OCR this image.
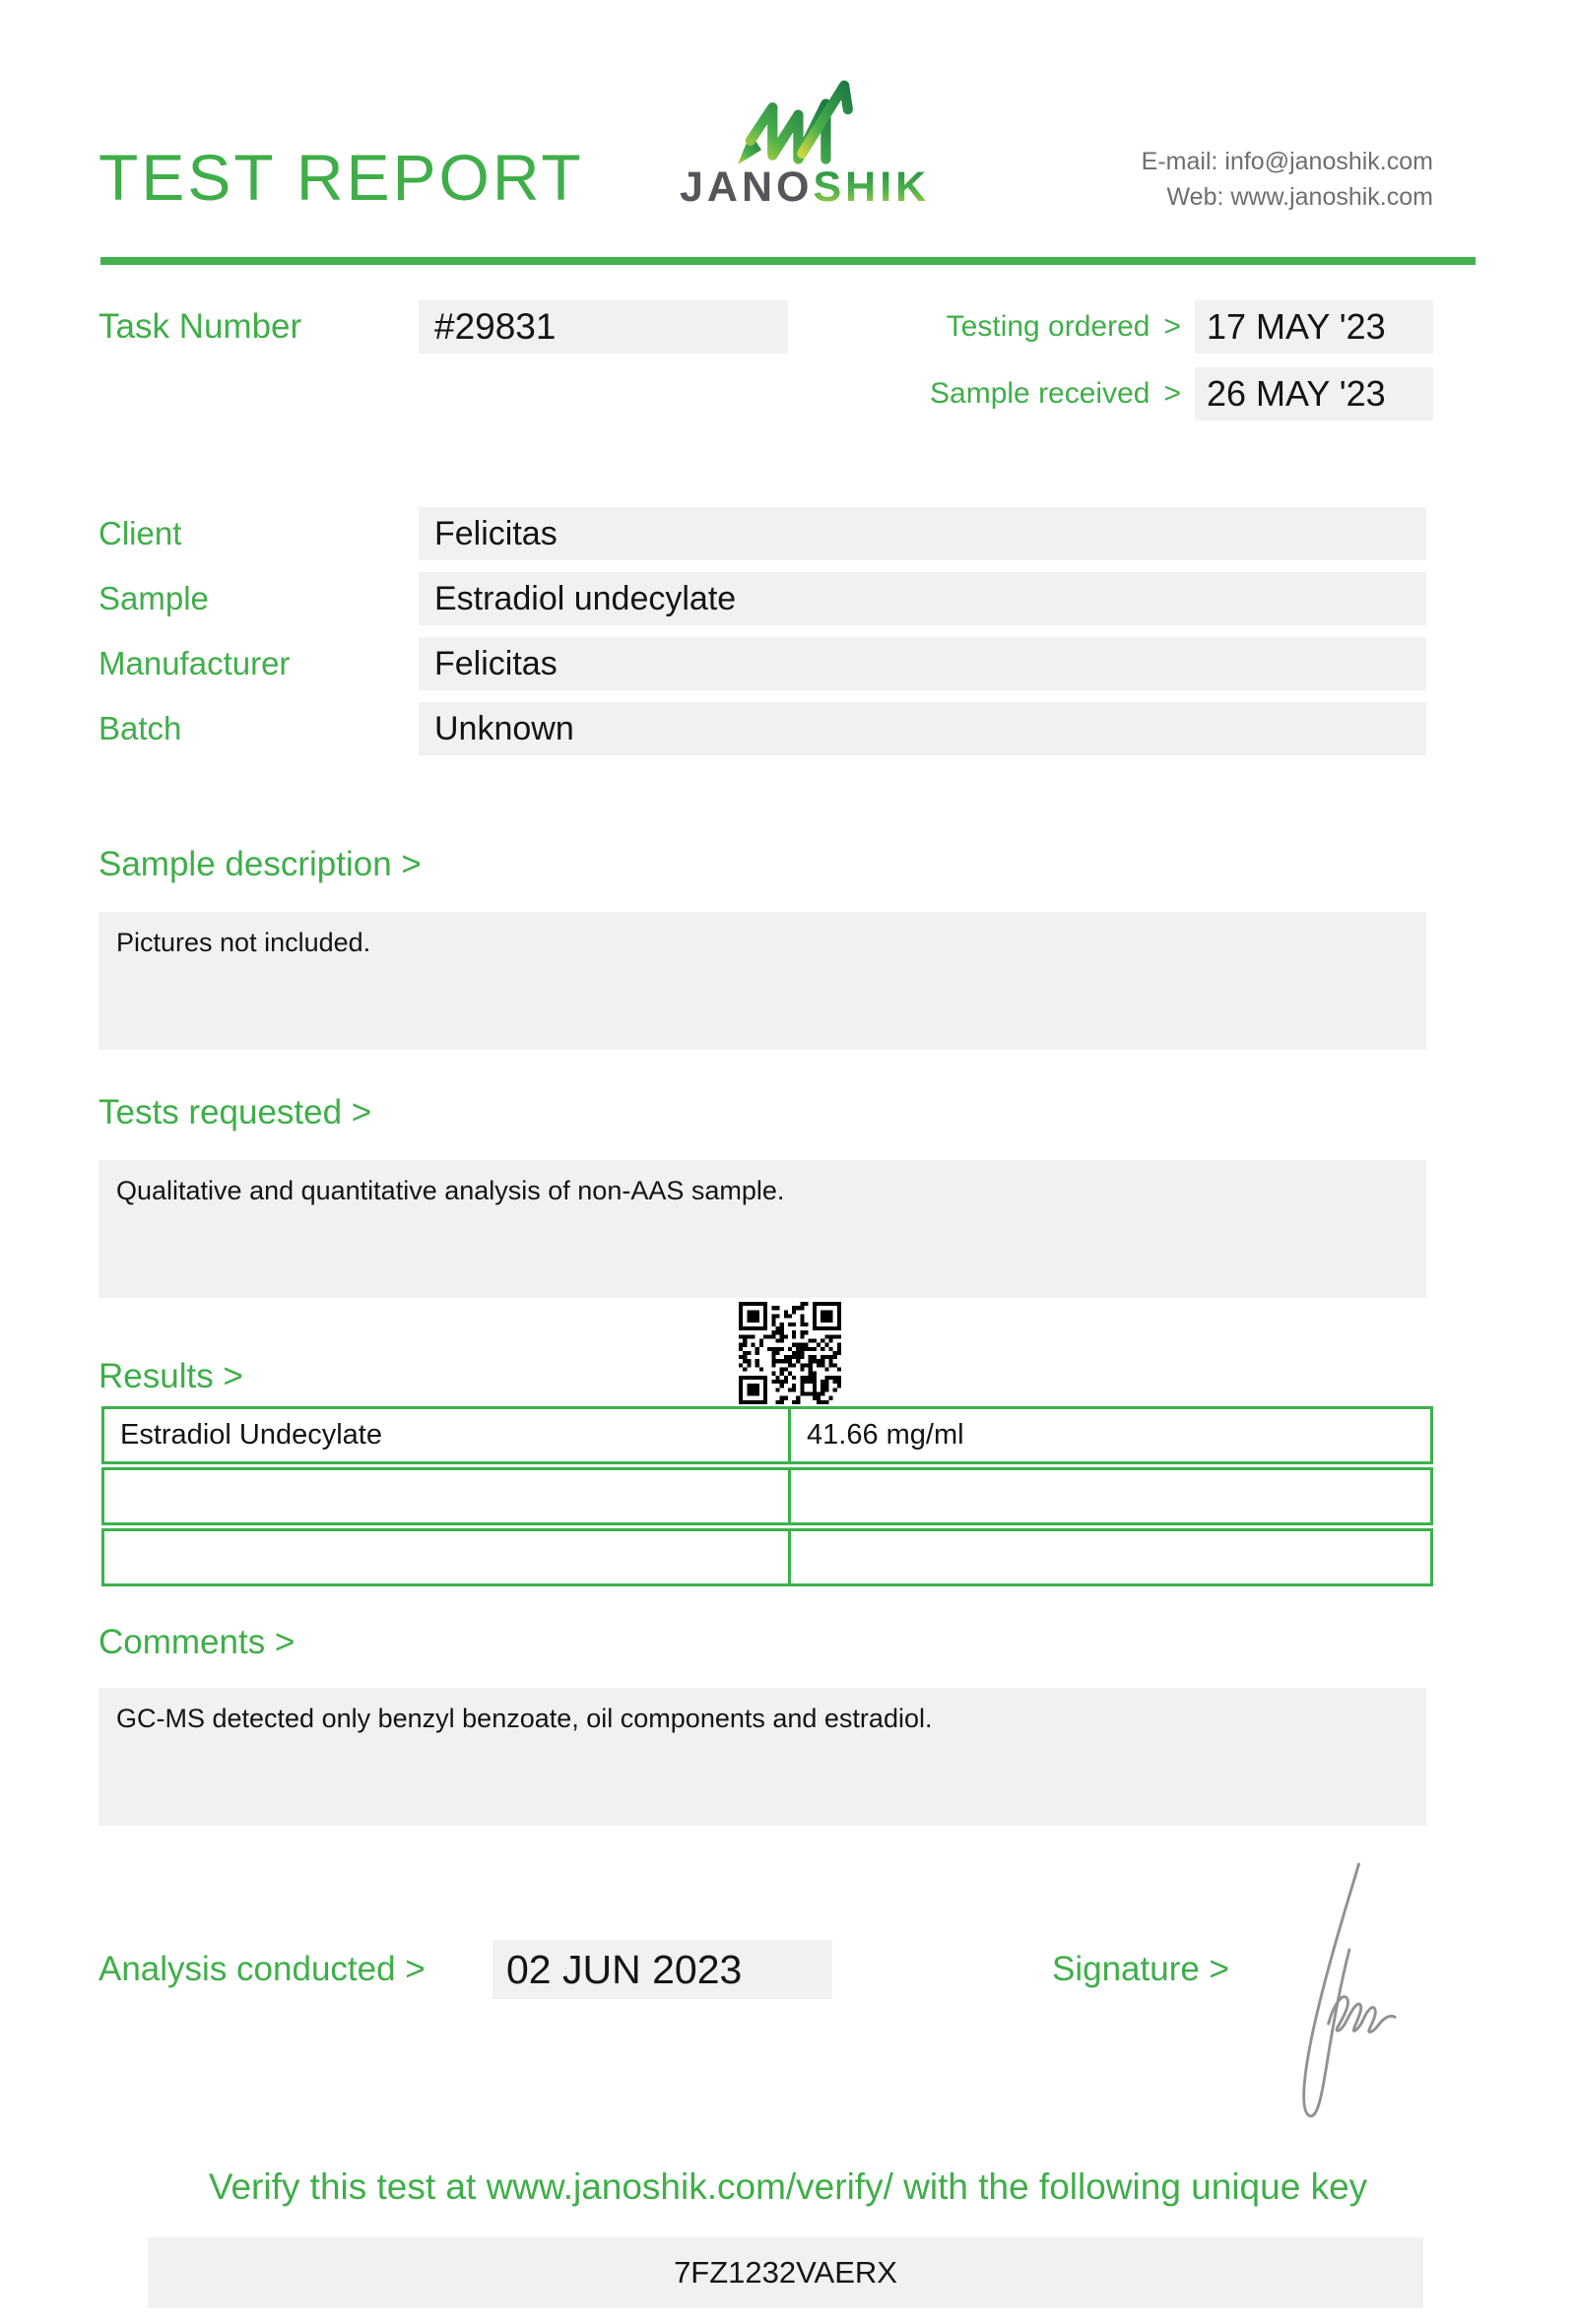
TEST REPORT JANOSHIK
E-mail: info@janoshik.com
Web: www.janoshik.com
Task Number	#29831	Testing ordered > 17 MAY '23
Sample received > 26 MAY '23
Client	Felicitas
Sample	Estradiol undecylate
Manufacturer	Felicitas
Batch	Unknown
Sample description >
Pictures not included.
Tests requested >
Qualitative and quantitative analysis of non-AAS sample.
Results >
Estradiol Undecylate	41.66 mg/ml
Comments >
GC-MS detected only benzyl benzoate, oil components and estradiol.
Analysis conducted >	02 JUN 2023	Signature >
Verify this test at www.janoshik.com/verify/ with the following unique key
7FZ1232VAERX
